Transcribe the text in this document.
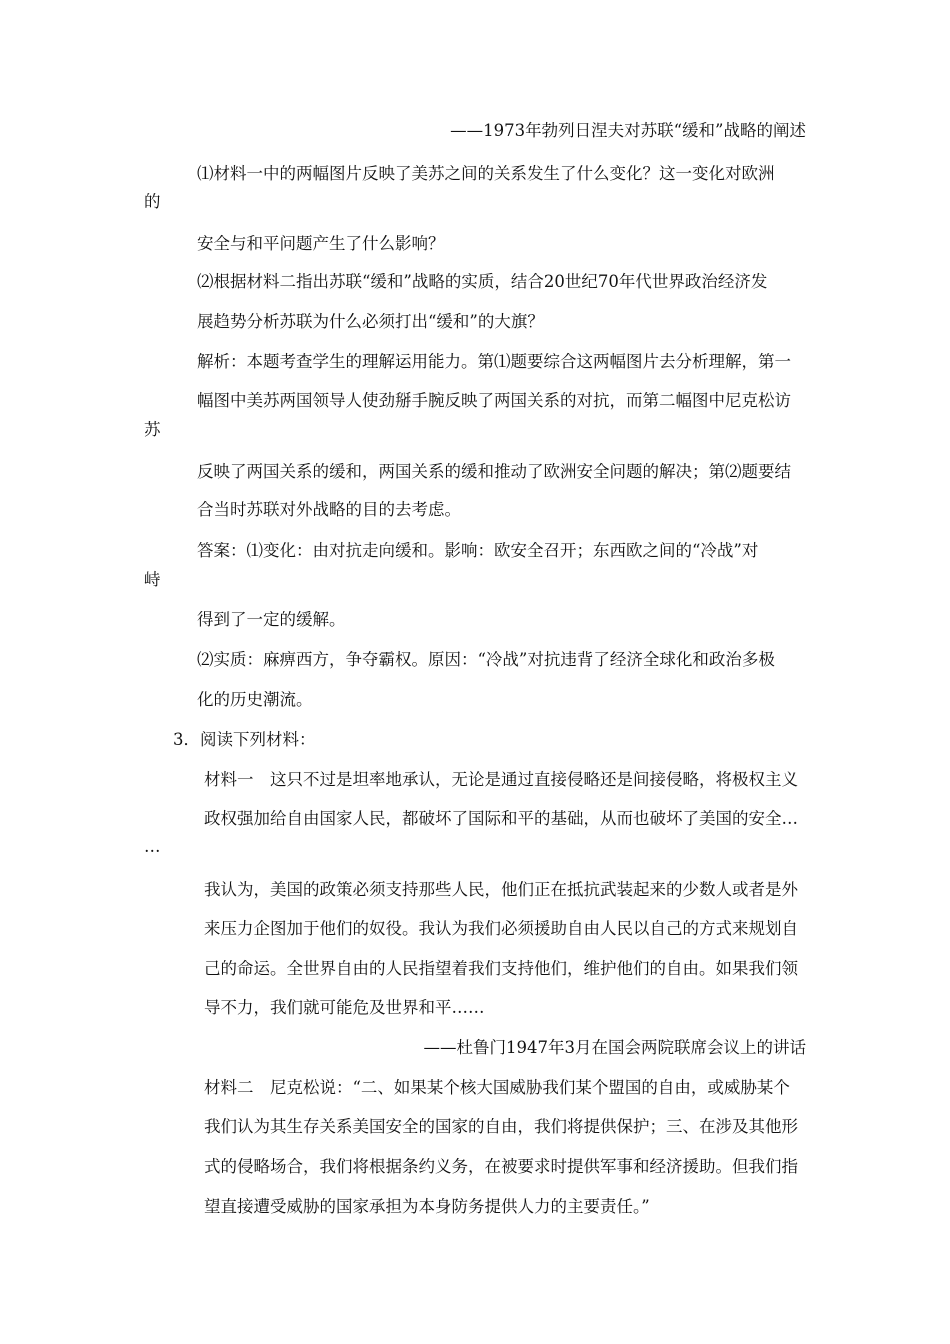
——1973年勃列日涅夫对苏联“缓和”战略的阐述
⑴材料一中的两幅图片反映了美苏之间的关系发生了什么变化？这一变化对欧洲
的
安全与和平问题产生了什么影响？
⑵根据材料二指出苏联“缓和”战略的实质，结合20世纪70年代世界政治经济发
展趋势分析苏联为什么必须打出“缓和”的大旗？
解析：本题考查学生的理解运用能力。第⑴题要综合这两幅图片去分析理解，第一
幅图中美苏两国领导人使劲掰手腕反映了两国关系的对抗，而第二幅图中尼克松访
苏
反映了两国关系的缓和，两国关系的缓和推动了欧洲安全问题的解决；第⑵题要结
合当时苏联对外战略的目的去考虑。
答案：⑴变化：由对抗走向缓和。影响：欧安全召开；东西欧之间的“冷战”对
峙
得到了一定的缓解。
⑵实质：麻痹西方，争夺霸权。原因：“冷战”对抗违背了经济全球化和政治多极
化的历史潮流。
3．阅读下列材料：
材料一　这只不过是坦率地承认，无论是通过直接侵略还是间接侵略，将极权主义
政权强加给自由国家人民，都破坏了国际和平的基础，从而也破坏了美国的安全…
…
我认为，美国的政策必须支持那些人民，他们正在抵抗武装起来的少数人或者是外
来压力企图加于他们的奴役。我认为我们必须援助自由人民以自己的方式来规划自
己的命运。全世界自由的人民指望着我们支持他们，维护他们的自由。如果我们领
导不力，我们就可能危及世界和平……
——杜鲁门1947年3月在国会两院联席会议上的讲话
材料二　尼克松说：“二、如果某个核大国威胁我们某个盟国的自由，或威胁某个
我们认为其生存关系美国安全的国家的自由，我们将提供保护；三、在涉及其他形
式的侵略场合，我们将根据条约义务，在被要求时提供军事和经济援助。但我们指
望直接遭受威胁的国家承担为本身防务提供人力的主要责任。”
